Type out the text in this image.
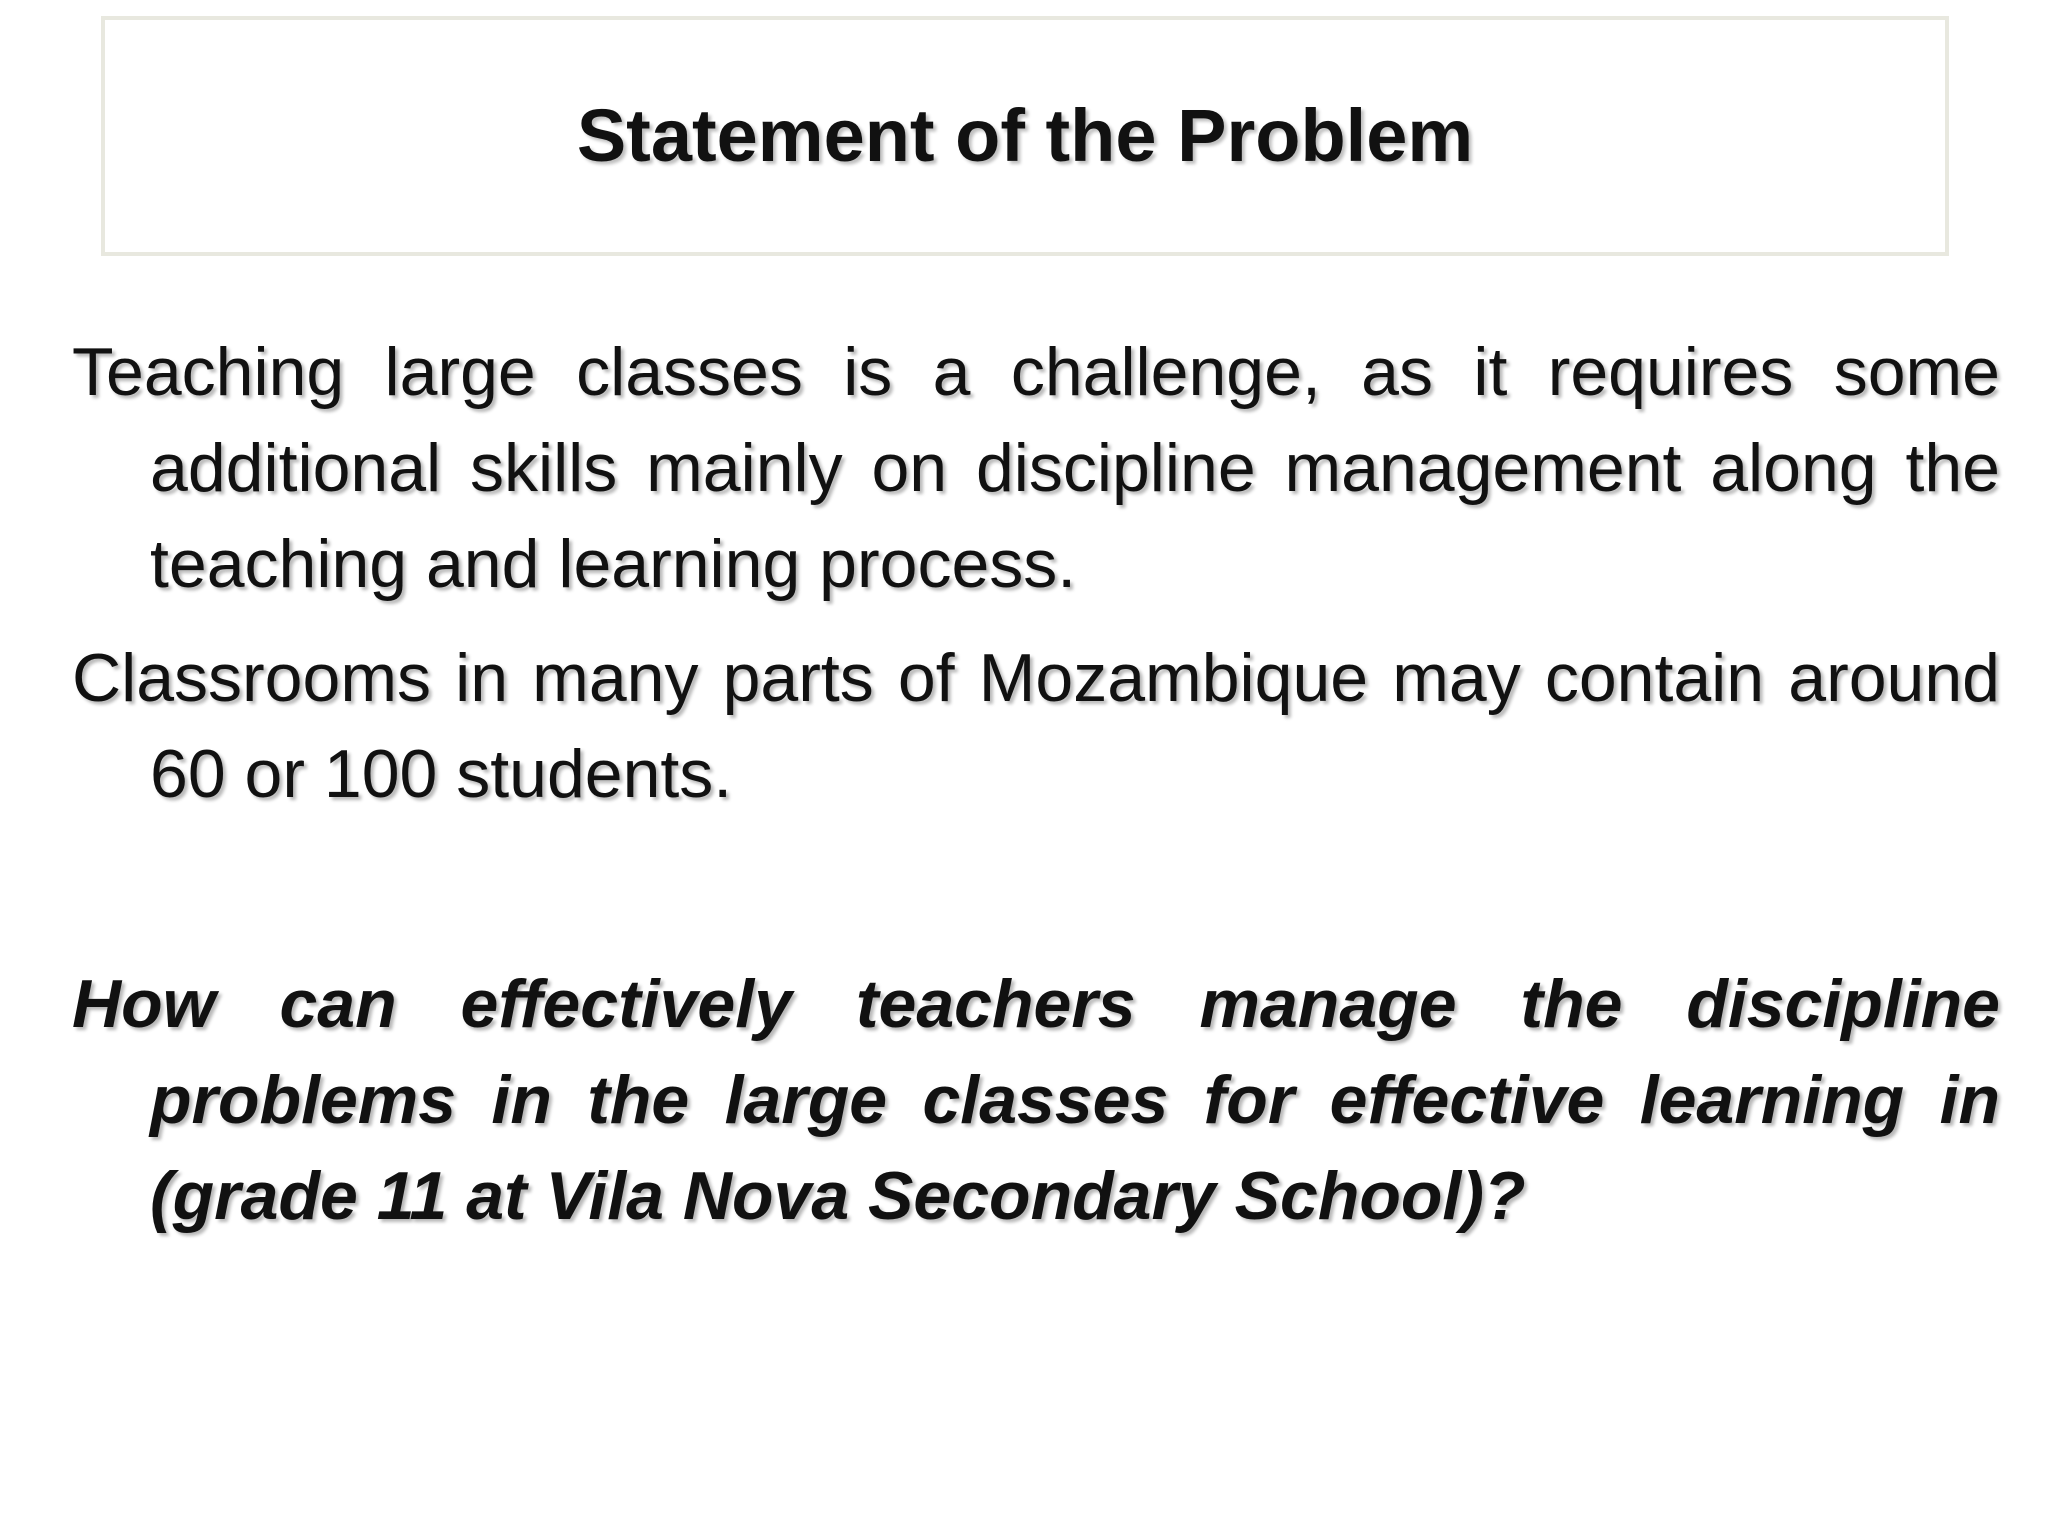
Statement of the Problem

Teaching large classes is a challenge, as it requires some additional skills mainly on discipline management along the teaching and learning process.

Classrooms in many parts of Mozambique may contain around 60 or 100 students.

How can effectively teachers manage the discipline problems in the large classes for effective learning in (grade 11 at Vila Nova Secondary School)?
